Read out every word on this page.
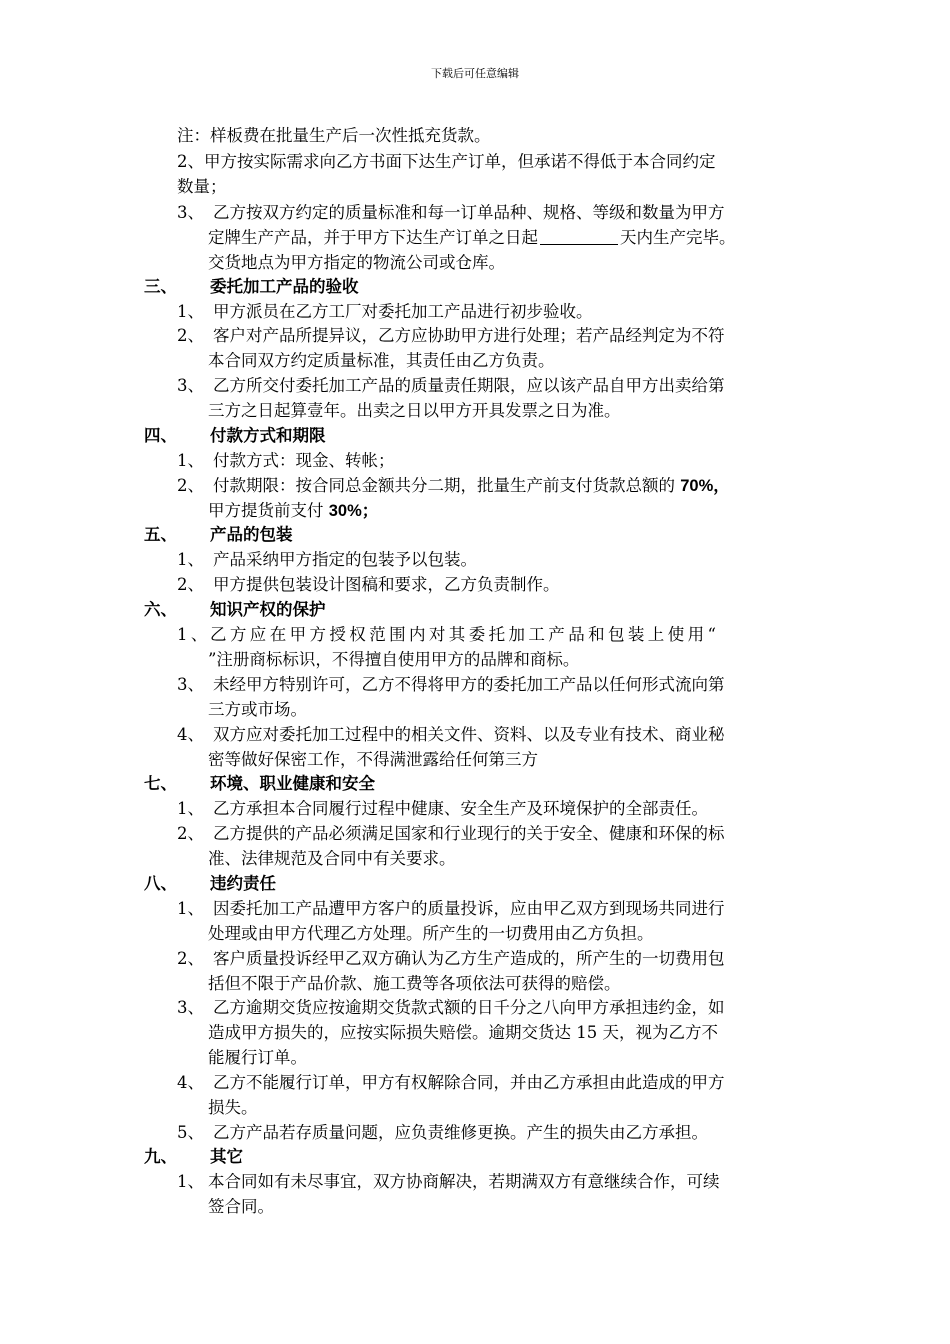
下载后可任意编辑
注：样板费在批量生产后一次性抵充货款。
2、甲方按实际需求向乙方书面下达生产订单，但承诺不得低于本合同约定
数量；
3、 乙方按双方约定的质量标准和每一订单品种、规格、等级和数量为甲方
定牌生产产品，并于甲方下达生产订单之日起	天内生产完毕。
交货地点为甲方指定的物流公司或仓库。
三、 委托加工产品的验收
1、 甲方派员在乙方工厂对委托加工产品进行初步验收。
2、 客户对产品所提异议，乙方应协助甲方进行处理；若产品经判定为不符
本合同双方约定质量标准，其责任由乙方负责。
3、 乙方所交付委托加工产品的质量责任期限，应以该产品自甲方出卖给第
三方之日起算壹年。出卖之日以甲方开具发票之日为准。
四、 付款方式和期限
1、 付款方式：现金、转帐；
2、 付款期限：按合同总金额共分二期，批量生产前支付货款总额的 70%，
甲方提货前支付 30%；
五、 产品的包装
1、 产品采纳甲方指定的包装予以包装。
2、 甲方提供包装设计图稿和要求，乙方负责制作。
六、 知识产权的保护
1、乙方应在甲方授权范围内对其委托加工产品和包装上使用“
”注册商标标识，不得擅自使用甲方的品牌和商标。
3、 未经甲方特别许可，乙方不得将甲方的委托加工产品以任何形式流向第
三方或市场。
4、 双方应对委托加工过程中的相关文件、资料、以及专业有技术、商业秘
密等做好保密工作，不得满泄露给任何第三方
七、 环境、职业健康和安全
1、 乙方承担本合同履行过程中健康、安全生产及环境保护的全部责任。
2、 乙方提供的产品必须满足国家和行业现行的关于安全、健康和环保的标
准、法律规范及合同中有关要求。
八、 违约责任
1、 因委托加工产品遭甲方客户的质量投诉，应由甲乙双方到现场共同进行
处理或由甲方代理乙方处理。所产生的一切费用由乙方负担。
2、 客户质量投诉经甲乙双方确认为乙方生产造成的，所产生的一切费用包
括但不限于产品价款、施工费等各项依法可获得的赔偿。
3、 乙方逾期交货应按逾期交货款式额的日千分之八向甲方承担违约金，如
造成甲方损失的，应按实际损失赔偿。逾期交货达 15 天，视为乙方不
能履行订单。
4、 乙方不能履行订单，甲方有权解除合同，并由乙方承担由此造成的甲方
损失。
5、 乙方产品若存质量问题，应负责维修更换。产生的损失由乙方承担。
九、 其它
1、 本合同如有未尽事宜，双方协商解决，若期满双方有意继续合作，可续
签合同。
